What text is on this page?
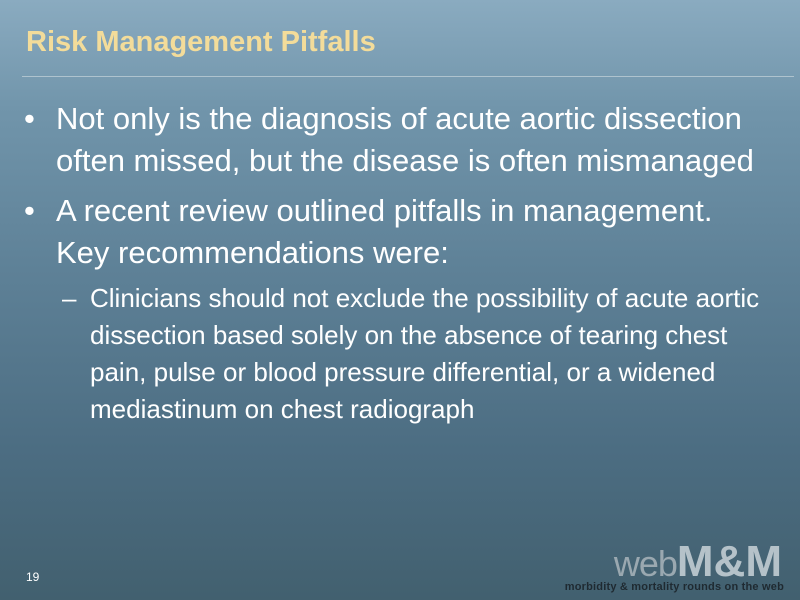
Risk Management Pitfalls
• Not only is the diagnosis of acute aortic dissection often missed, but the disease is often mismanaged
• A recent review outlined pitfalls in management. Key recommendations were:
– Clinicians should not exclude the possibility of acute aortic dissection based solely on the absence of tearing chest pain, pulse or blood pressure differential, or a widened mediastinum on chest radiograph
19	webM&M
morbidity & mortality rounds on the web
